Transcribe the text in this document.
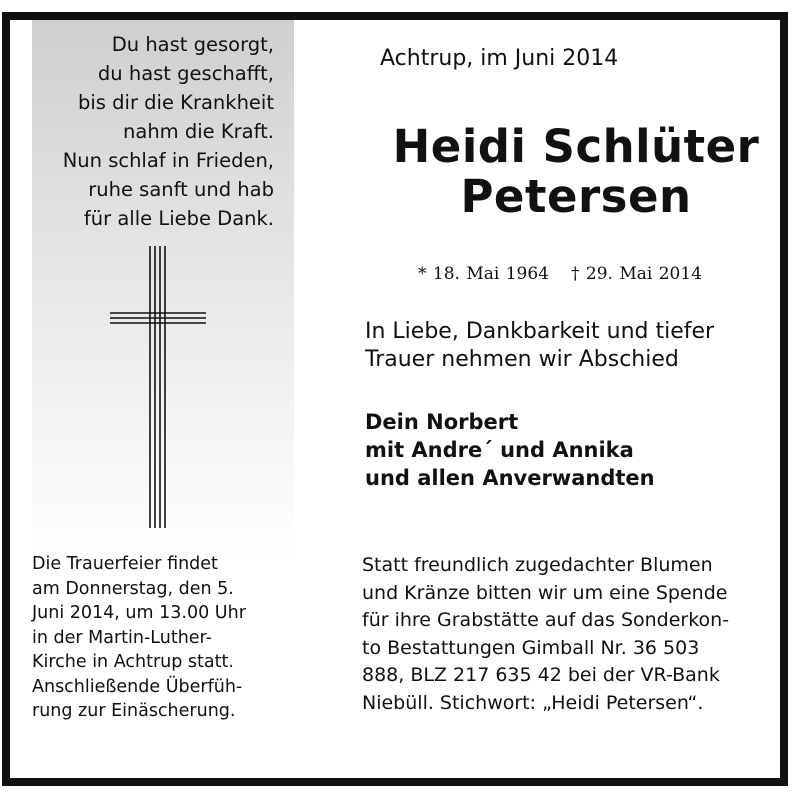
Du hast gesorgt,
du hast geschafft,
bis dir die Krankheit
nahm die Kraft.
Nun schlaf in Frieden,
ruhe sanft und hab
für alle Liebe Dank.
Die Trauerfeier findet
am Donnerstag, den 5.
Juni 2014, um 13.00 Uhr
in der Martin-Luther-
Kirche in Achtrup statt.
Anschließende Überfüh-
rung zur Einäscherung.
Achtrup, im Juni 2014
Heidi Schlüter
Petersen
* 18. Mai 1964 † 29. Mai 2014
In Liebe, Dankbarkeit und tiefer
Trauer nehmen wir Abschied
Dein Norbert
mit Andre´ und Annika
und allen Anverwandten
Statt freundlich zugedachter Blumen
und Kränze bitten wir um eine Spende
für ihre Grabstätte auf das Sonderkon-
to Bestattungen Gimball Nr. 36 503
888, BLZ 217 635 42 bei der VR-Bank
Niebüll. Stichwort: „Heidi Petersen“.
